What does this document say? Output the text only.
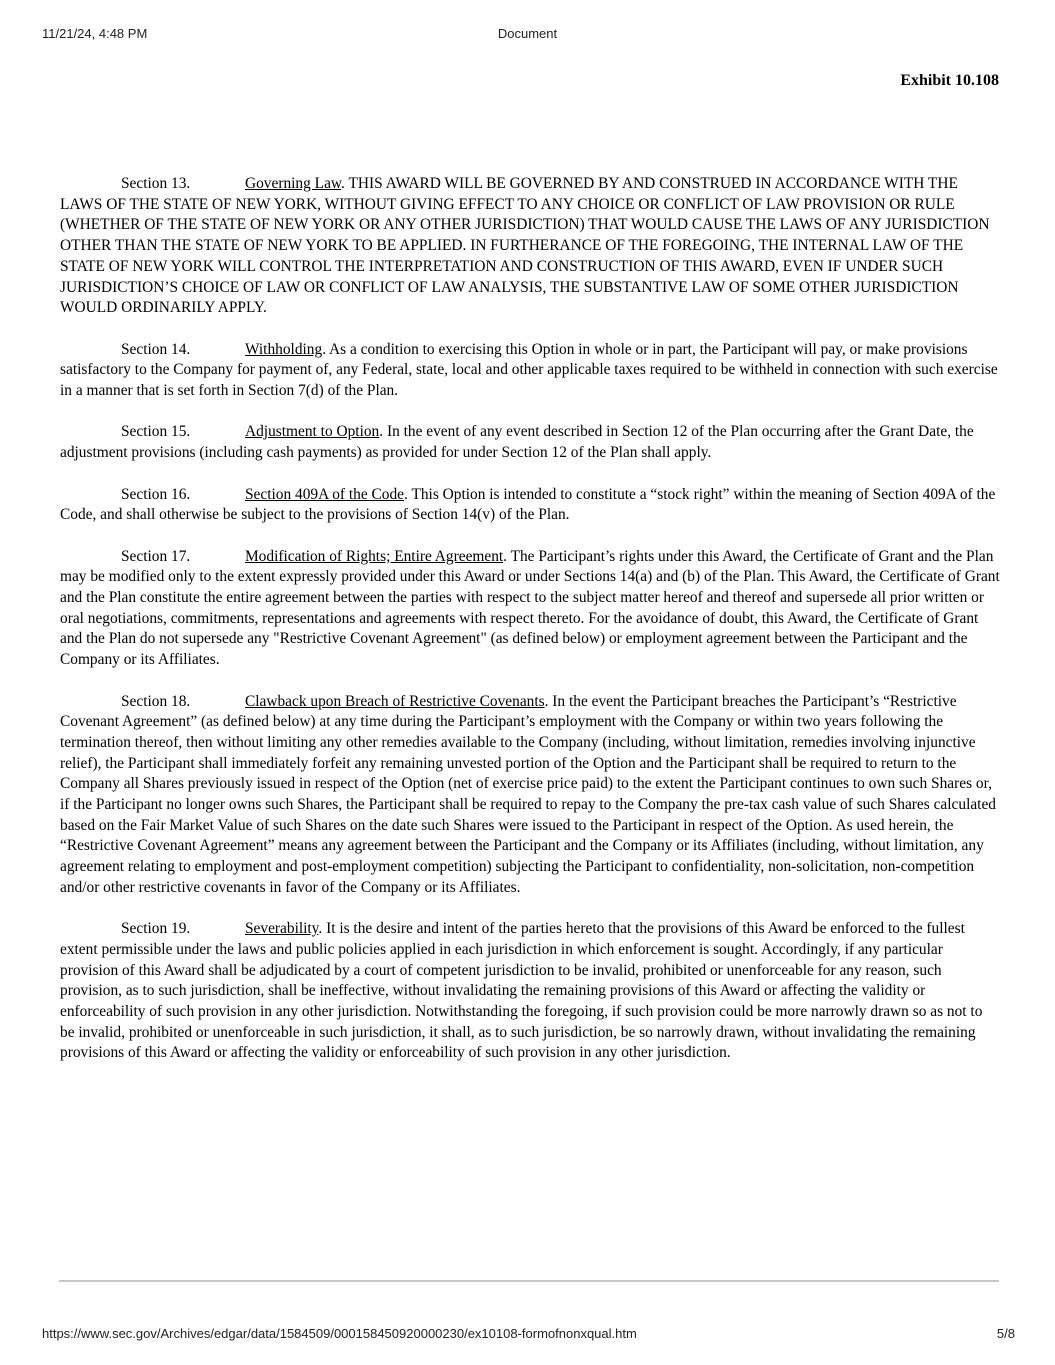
11/21/24, 4:48 PM	Document
Exhibit 10.108

Section 13.	Governing Law. THIS AWARD WILL BE GOVERNED BY AND CONSTRUED IN ACCORDANCE WITH THE LAWS OF THE STATE OF NEW YORK, WITHOUT GIVING EFFECT TO ANY CHOICE OR CONFLICT OF LAW PROVISION OR RULE (WHETHER OF THE STATE OF NEW YORK OR ANY OTHER JURISDICTION) THAT WOULD CAUSE THE LAWS OF ANY JURISDICTION OTHER THAN THE STATE OF NEW YORK TO BE APPLIED. IN FURTHERANCE OF THE FOREGOING, THE INTERNAL LAW OF THE STATE OF NEW YORK WILL CONTROL THE INTERPRETATION AND CONSTRUCTION OF THIS AWARD, EVEN IF UNDER SUCH JURISDICTION’S CHOICE OF LAW OR CONFLICT OF LAW ANALYSIS, THE SUBSTANTIVE LAW OF SOME OTHER JURISDICTION WOULD ORDINARILY APPLY.

Section 14.	Withholding. As a condition to exercising this Option in whole or in part, the Participant will pay, or make provisions satisfactory to the Company for payment of, any Federal, state, local and other applicable taxes required to be withheld in connection with such exercise in a manner that is set forth in Section 7(d) of the Plan.

Section 15.	Adjustment to Option. In the event of any event described in Section 12 of the Plan occurring after the Grant Date, the adjustment provisions (including cash payments) as provided for under Section 12 of the Plan shall apply.

Section 16.	Section 409A of the Code. This Option is intended to constitute a “stock right” within the meaning of Section 409A of the Code, and shall otherwise be subject to the provisions of Section 14(v) of the Plan.

Section 17.	Modification of Rights; Entire Agreement. The Participant’s rights under this Award, the Certificate of Grant and the Plan may be modified only to the extent expressly provided under this Award or under Sections 14(a) and (b) of the Plan. This Award, the Certificate of Grant and the Plan constitute the entire agreement between the parties with respect to the subject matter hereof and thereof and supersede all prior written or oral negotiations, commitments, representations and agreements with respect thereto. For the avoidance of doubt, this Award, the Certificate of Grant and the Plan do not supersede any "Restrictive Covenant Agreement" (as defined below) or employment agreement between the Participant and the Company or its Affiliates.

Section 18.	Clawback upon Breach of Restrictive Covenants. In the event the Participant breaches the Participant’s “Restrictive Covenant Agreement” (as defined below) at any time during the Participant’s employment with the Company or within two years following the termination thereof, then without limiting any other remedies available to the Company (including, without limitation, remedies involving injunctive relief), the Participant shall immediately forfeit any remaining unvested portion of the Option and the Participant shall be required to return to the Company all Shares previously issued in respect of the Option (net of exercise price paid) to the extent the Participant continues to own such Shares or, if the Participant no longer owns such Shares, the Participant shall be required to repay to the Company the pre-tax cash value of such Shares calculated based on the Fair Market Value of such Shares on the date such Shares were issued to the Participant in respect of the Option. As used herein, the “Restrictive Covenant Agreement” means any agreement between the Participant and the Company or its Affiliates (including, without limitation, any agreement relating to employment and post-employment competition) subjecting the Participant to confidentiality, non-solicitation, non-competition and/or other restrictive covenants in favor of the Company or its Affiliates.

Section 19.	Severability. It is the desire and intent of the parties hereto that the provisions of this Award be enforced to the fullest extent permissible under the laws and public policies applied in each jurisdiction in which enforcement is sought. Accordingly, if any particular provision of this Award shall be adjudicated by a court of competent jurisdiction to be invalid, prohibited or unenforceable for any reason, such provision, as to such jurisdiction, shall be ineffective, without invalidating the remaining provisions of this Award or affecting the validity or enforceability of such provision in any other jurisdiction. Notwithstanding the foregoing, if such provision could be more narrowly drawn so as not to be invalid, prohibited or unenforceable in such jurisdiction, it shall, as to such jurisdiction, be so narrowly drawn, without invalidating the remaining provisions of this Award or affecting the validity or enforceability of such provision in any other jurisdiction.

https://www.sec.gov/Archives/edgar/data/1584509/000158450920000230/ex10108-formofnonxqual.htm	5/8
